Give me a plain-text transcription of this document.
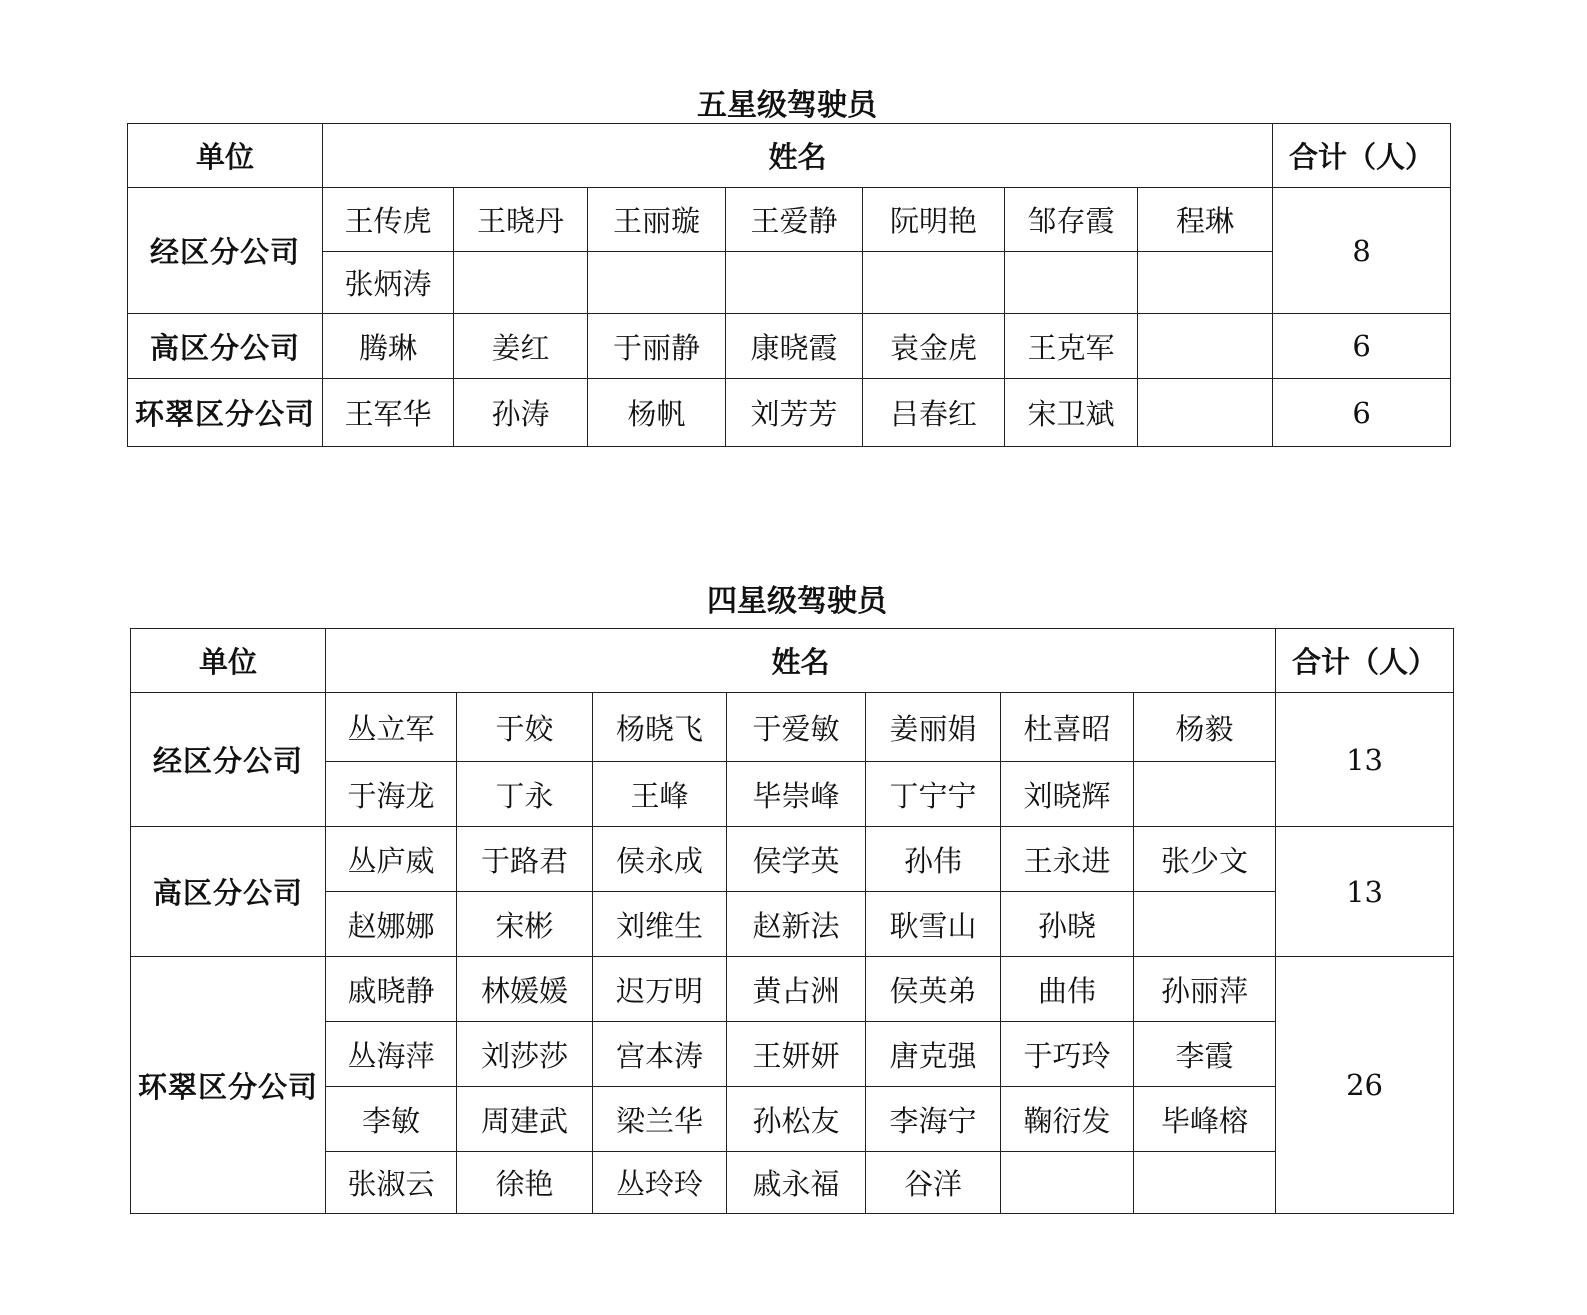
五星级驾驶员
单位	姓名							合计（人）
经区分公司	王传虎	王晓丹	王丽璇	王爱静	阮明艳	邹存霞	程琳	8
	张炳涛							
高区分公司	腾琳	姜红	于丽静	康晓霞	袁金虎	王克军		6
环翠区分公司	王军华	孙涛	杨帆	刘芳芳	吕春红	宋卫斌		6
四星级驾驶员
单位	姓名							合计（人）
经区分公司	丛立军	于姣	杨晓飞	于爱敏	姜丽娟	杜喜昭	杨毅	13
	于海龙	丁永	王峰	毕崇峰	丁宁宁	刘晓辉		
高区分公司	丛庐威	于路君	侯永成	侯学英	孙伟	王永进	张少文	13
	赵娜娜	宋彬	刘维生	赵新法	耿雪山	孙晓		
环翠区分公司	戚晓静	林媛媛	迟万明	黄占洲	侯英弟	曲伟	孙丽萍	26
	丛海萍	刘莎莎	宫本涛	王妍妍	唐克强	于巧玲	李霞	
	李敏	周建武	梁兰华	孙松友	李海宁	鞠衍发	毕峰榕	
	张淑云	徐艳	丛玲玲	戚永福	谷洋			
